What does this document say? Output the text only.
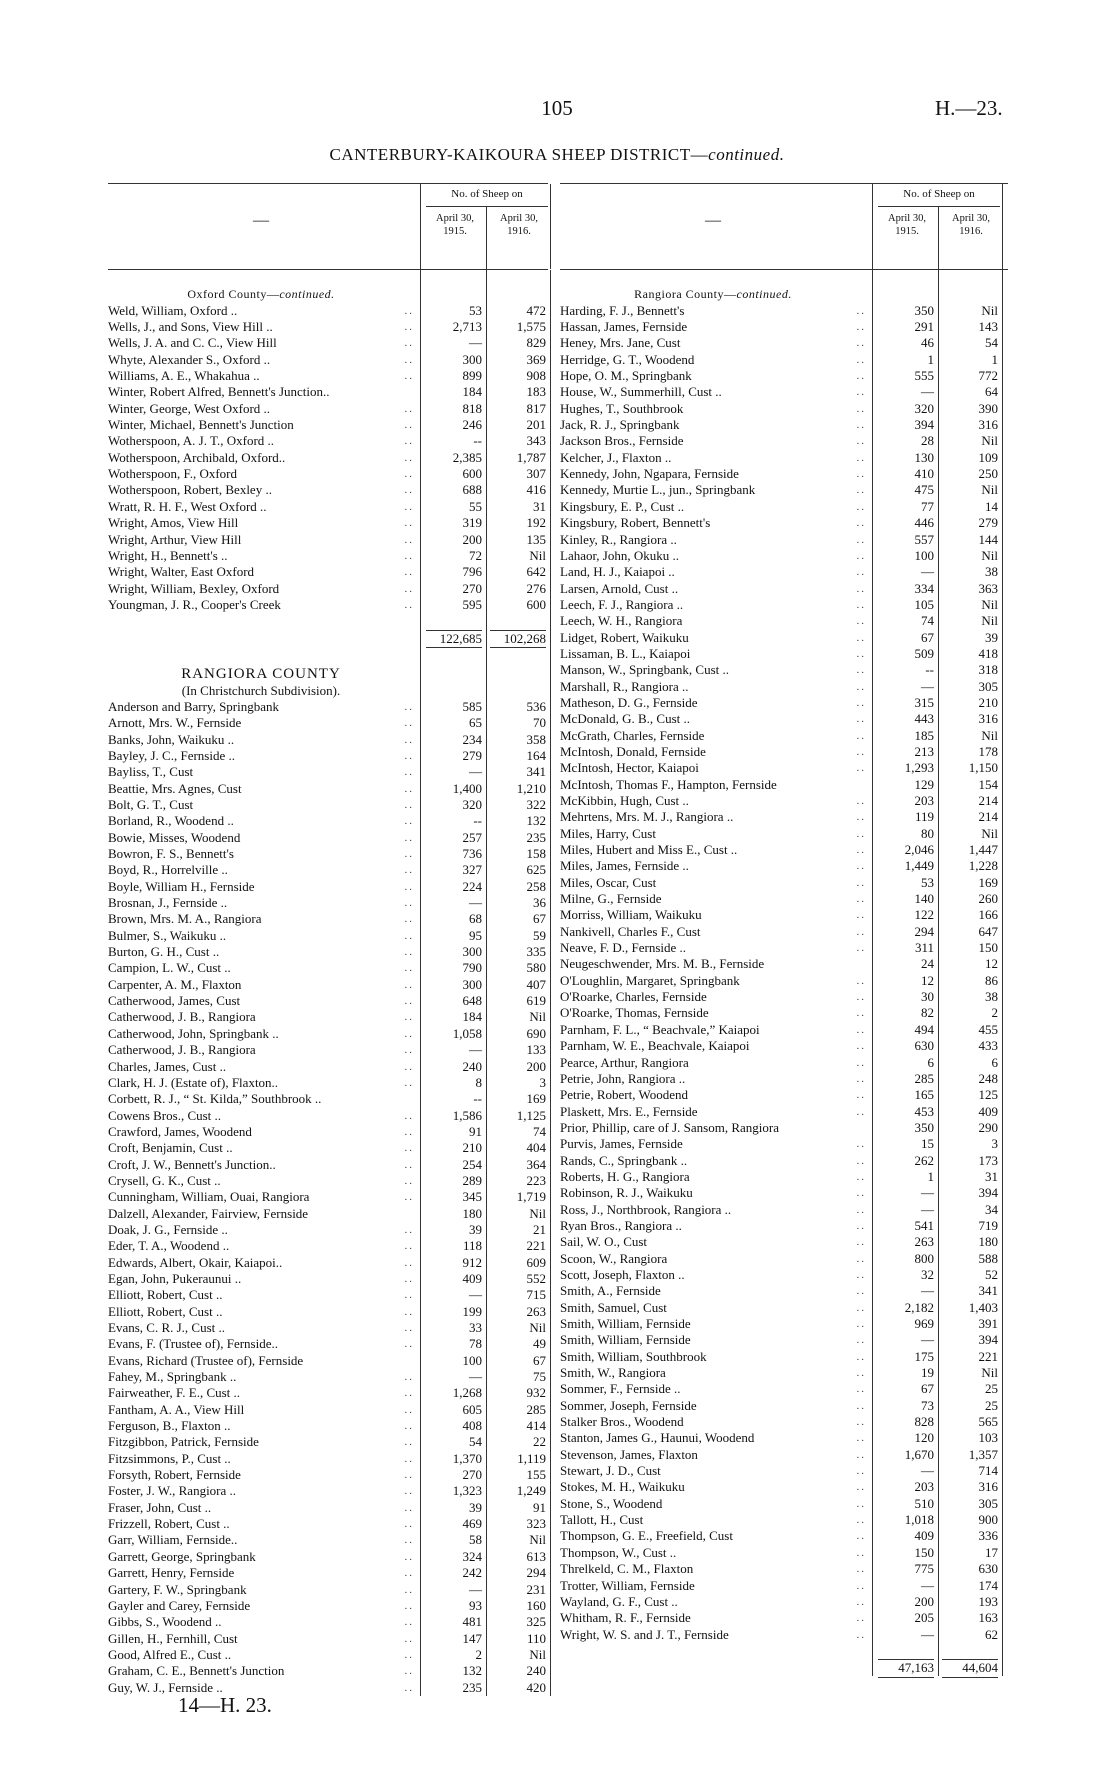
105	H.—23.
CANTERBURY-KAIKOURA SHEEP DISTRICT—continued.
—
No. of Sheep on
April 30,
1915.
April 30,
1916.
Oxford County—continued.
Weld, William, Oxford ..	..	53	472
Wells, J., and Sons, View Hill ..	..	2,713	1,575
Wells, J. A. and C. C., View Hill	..	—	829
Whyte, Alexander S., Oxford ..	..	300	369
Williams, A. E., Whakahua ..	..	899	908
Winter, Robert Alfred, Bennett's Junction..	184	183
Winter, George, West Oxford ..	..	818	817
Winter, Michael, Bennett's Junction	..	246	201
Wotherspoon, A. J. T., Oxford ..	..	--	343
Wotherspoon, Archibald, Oxford..	..	2,385	1,787
Wotherspoon, F., Oxford	..	600	307
Wotherspoon, Robert, Bexley ..	..	688	416
Wratt, R. H. F., West Oxford ..	..	55	31
Wright, Amos, View Hill	..	319	192
Wright, Arthur, View Hill	..	200	135
Wright, H., Bennett's ..	..	72	Nil
Wright, Walter, East Oxford	..	796	642
Wright, William, Bexley, Oxford	..	270	276
Youngman, J. R., Cooper's Creek	..	595	600
122,685	102,268
RANGIORA COUNTY
(In Christchurch Subdivision).
Anderson and Barry, Springbank	..	585	536
Arnott, Mrs. W., Fernside	..	65	70
Banks, John, Waikuku ..	..	234	358
Bayley, J. C., Fernside ..	..	279	164
Bayliss, T., Cust	..	—	341
Beattie, Mrs. Agnes, Cust	..	1,400	1,210
Bolt, G. T., Cust	..	320	322
Borland, R., Woodend ..	..	--	132
Bowie, Misses, Woodend	..	257	235
Bowron, F. S., Bennett's	..	736	158
Boyd, R., Horrelville ..	..	327	625
Boyle, William H., Fernside	..	224	258
Brosnan, J., Fernside ..	..	—	36
Brown, Mrs. M. A., Rangiora	..	68	67
Bulmer, S., Waikuku ..	..	95	59
Burton, G. H., Cust ..	..	300	335
Campion, L. W., Cust ..	..	790	580
Carpenter, A. M., Flaxton	..	300	407
Catherwood, James, Cust	..	648	619
Catherwood, J. B., Rangiora	..	184	Nil
Catherwood, John, Springbank ..	..	1,058	690
Catherwood, J. B., Rangiora	..	—	133
Charles, James, Cust ..	..	240	200
Clark, H. J. (Estate of), Flaxton..	..	8	3
Corbett, R. J., “ St. Kilda,” Southbrook ..	--	169
Cowens Bros., Cust ..	..	1,586	1,125
Crawford, James, Woodend	..	91	74
Croft, Benjamin, Cust ..	..	210	404
Croft, J. W., Bennett's Junction..	..	254	364
Crysell, G. K., Cust ..	..	289	223
Cunningham, William, Ouai, Rangiora	..	345	1,719
Dalzell, Alexander, Fairview, Fernside	180	Nil
Doak, J. G., Fernside ..	..	39	21
Eder, T. A., Woodend ..	..	118	221
Edwards, Albert, Okair, Kaiapoi..	..	912	609
Egan, John, Pukeraunui ..	..	409	552
Elliott, Robert, Cust ..	..	—	715
Elliott, Robert, Cust ..	..	199	263
Evans, C. R. J., Cust ..	..	33	Nil
Evans, F. (Trustee of), Fernside..	..	78	49
Evans, Richard (Trustee of), Fernside	100	67
Fahey, M., Springbank ..	..	—	75
Fairweather, F. E., Cust ..	..	1,268	932
Fantham, A. A., View Hill	..	605	285
Ferguson, B., Flaxton ..	..	408	414
Fitzgibbon, Patrick, Fernside	..	54	22
Fitzsimmons, P., Cust ..	..	1,370	1,119
Forsyth, Robert, Fernside	..	270	155
Foster, J. W., Rangiora ..	..	1,323	1,249
Fraser, John, Cust ..	..	39	91
Frizzell, Robert, Cust ..	..	469	323
Garr, William, Fernside..	..	58	Nil
Garrett, George, Springbank	..	324	613
Garrett, Henry, Fernside	..	242	294
Gartery, F. W., Springbank	..	—	231
Gayler and Carey, Fernside	..	93	160
Gibbs, S., Woodend ..	..	481	325
Gillen, H., Fernhill, Cust	..	147	110
Good, Alfred E., Cust ..	..	2	Nil
Graham, C. E., Bennett's Junction	..	132	240
Guy, W. J., Fernside ..	..	235	420
—
No. of Sheep on
April 30,
1915.
April 30,
1916.
Rangiora County—continued.
Harding, F. J., Bennett's	..	350	Nil
Hassan, James, Fernside	..	291	143
Heney, Mrs. Jane, Cust	..	46	54
Herridge, G. T., Woodend	..	1	1
Hope, O. M., Springbank	..	555	772
House, W., Summerhill, Cust ..	..	—	64
Hughes, T., Southbrook	..	320	390
Jack, R. J., Springbank	..	394	316
Jackson Bros., Fernside	..	28	Nil
Kelcher, J., Flaxton ..	..	130	109
Kennedy, John, Ngapara, Fernside	..	410	250
Kennedy, Murtie L., jun., Springbank	..	475	Nil
Kingsbury, E. P., Cust ..	..	77	14
Kingsbury, Robert, Bennett's	..	446	279
Kinley, R., Rangiora ..	..	557	144
Lahaor, John, Okuku ..	..	100	Nil
Land, H. J., Kaiapoi ..	..	—	38
Larsen, Arnold, Cust ..	..	334	363
Leech, F. J., Rangiora ..	..	105	Nil
Leech, W. H., Rangiora	..	74	Nil
Lidget, Robert, Waikuku	..	67	39
Lissaman, B. L., Kaiapoi	..	509	418
Manson, W., Springbank, Cust ..	..	--	318
Marshall, R., Rangiora ..	..	—	305
Matheson, D. G., Fernside	..	315	210
McDonald, G. B., Cust ..	..	443	316
McGrath, Charles, Fernside	..	185	Nil
McIntosh, Donald, Fernside	..	213	178
McIntosh, Hector, Kaiapoi	..	1,293	1,150
McIntosh, Thomas F., Hampton, Fernside	129	154
McKibbin, Hugh, Cust ..	..	203	214
Mehrtens, Mrs. M. J., Rangiora ..	..	119	214
Miles, Harry, Cust	..	80	Nil
Miles, Hubert and Miss E., Cust ..	..	2,046	1,447
Miles, James, Fernside ..	..	1,449	1,228
Miles, Oscar, Cust	..	53	169
Milne, G., Fernside	..	140	260
Morriss, William, Waikuku	..	122	166
Nankivell, Charles F., Cust	..	294	647
Neave, F. D., Fernside ..	..	311	150
Neugeschwender, Mrs. M. B., Fernside	24	12
O'Loughlin, Margaret, Springbank	..	12	86
O'Roarke, Charles, Fernside	..	30	38
O'Roarke, Thomas, Fernside	..	82	2
Parnham, F. L., “ Beachvale,” Kaiapoi	..	494	455
Parnham, W. E., Beachvale, Kaiapoi	..	630	433
Pearce, Arthur, Rangiora	..	6	6
Petrie, John, Rangiora ..	..	285	248
Petrie, Robert, Woodend	..	165	125
Plaskett, Mrs. E., Fernside	..	453	409
Prior, Phillip, care of J. Sansom, Rangiora	350	290
Purvis, James, Fernside	..	15	3
Rands, C., Springbank ..	..	262	173
Roberts, H. G., Rangiora	..	1	31
Robinson, R. J., Waikuku	..	—	394
Ross, J., Northbrook, Rangiora ..	..	—	34
Ryan Bros., Rangiora ..	..	541	719
Sail, W. O., Cust	..	263	180
Scoon, W., Rangiora	..	800	588
Scott, Joseph, Flaxton ..	..	32	52
Smith, A., Fernside	..	—	341
Smith, Samuel, Cust	..	2,182	1,403
Smith, William, Fernside	..	969	391
Smith, William, Fernside	..	—	394
Smith, William, Southbrook	..	175	221
Smith, W., Rangiora	..	19	Nil
Sommer, F., Fernside ..	..	67	25
Sommer, Joseph, Fernside	..	73	25
Stalker Bros., Woodend	..	828	565
Stanton, James G., Haunui, Woodend	..	120	103
Stevenson, James, Flaxton	..	1,670	1,357
Stewart, J. D., Cust	..	—	714
Stokes, M. H., Waikuku	..	203	316
Stone, S., Woodend	..	510	305
Tallott, H., Cust	..	1,018	900
Thompson, G. E., Freefield, Cust	..	409	336
Thompson, W., Cust ..	..	150	17
Threlkeld, C. M., Flaxton	..	775	630
Trotter, William, Fernside	..	—	174
Wayland, G. F., Cust ..	..	200	193
Whitham, R. F., Fernside	..	205	163
Wright, W. S. and J. T., Fernside	..	—	62
47,163	44,604
14—H. 23.
